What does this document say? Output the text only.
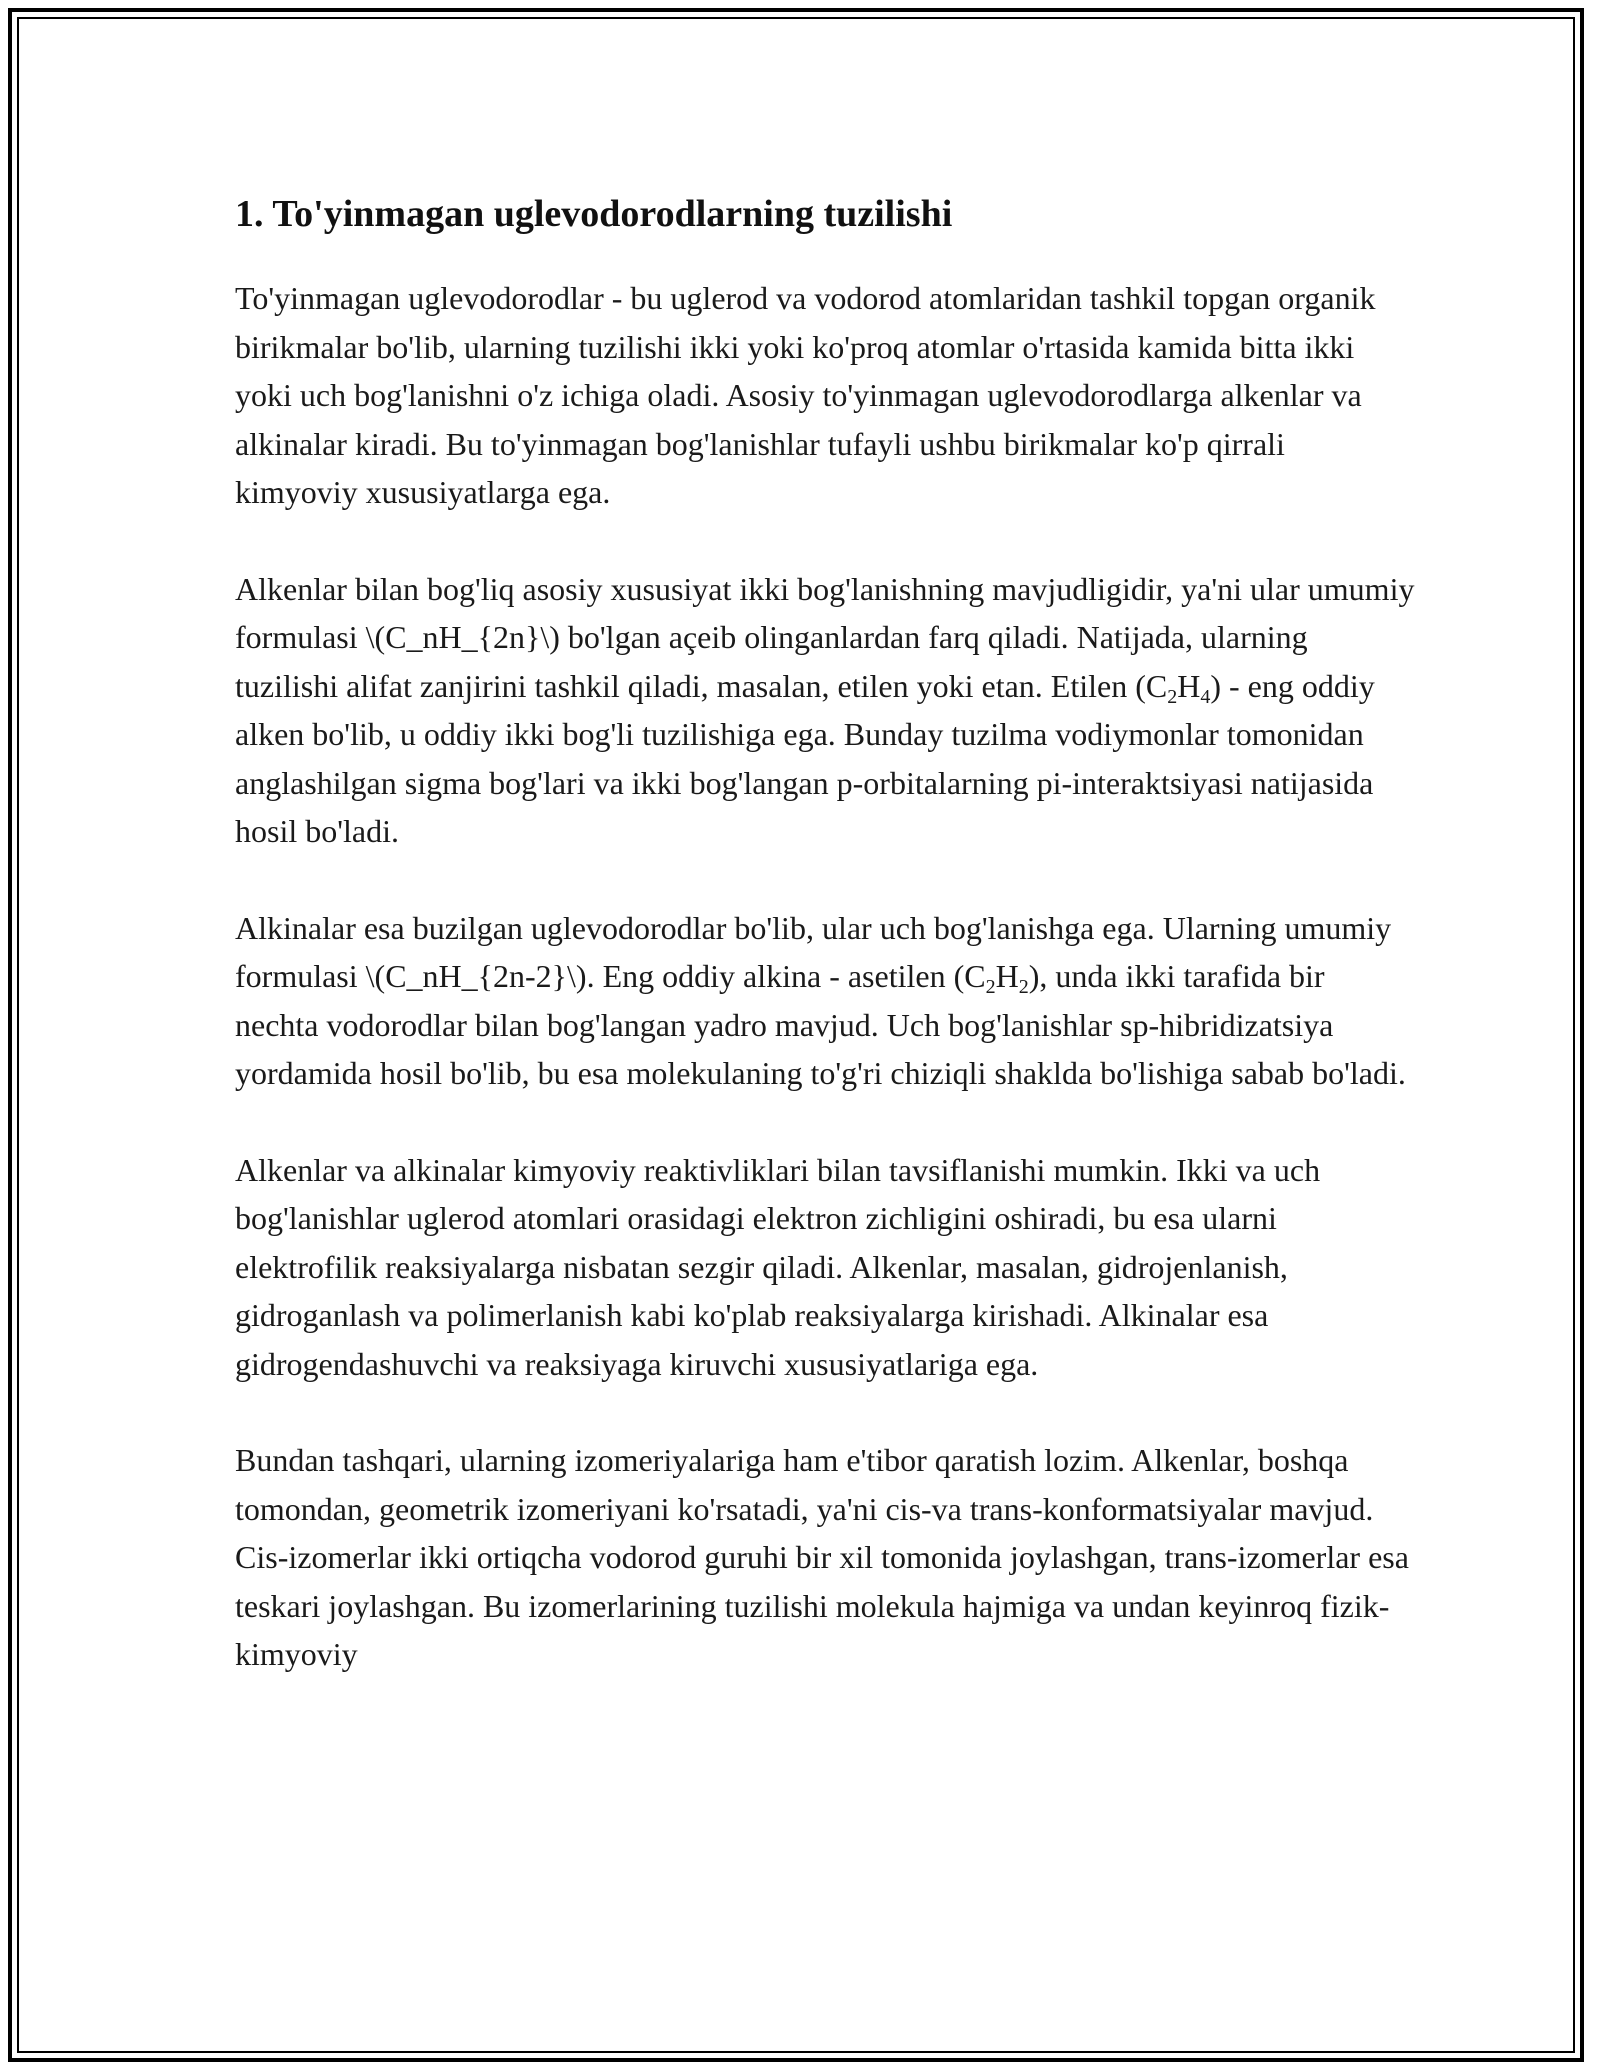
1. To'yinmagan uglevodorodlarning tuzilishi

To'yinmagan uglevodorodlar - bu uglerod va vodorod atomlaridan tashkil topgan organik birikmalar bo'lib, ularning tuzilishi ikki yoki ko'proq atomlar o'rtasida kamida bitta ikki yoki uch bog'lanishni o'z ichiga oladi. Asosiy to'yinmagan uglevodorodlarga alkenlar va alkinalar kiradi. Bu to'yinmagan bog'lanishlar tufayli ushbu birikmalar ko'p qirrali kimyoviy xususiyatlarga ega.

Alkenlar bilan bog'liq asosiy xususiyat ikki bog'lanishning mavjudligidir, ya'ni ular umumiy formulasi \(C_nH_{2n}\) bo'lgan açeib olinganlardan farq qiladi. Natijada, ularning tuzilishi alifat zanjirini tashkil qiladi, masalan, etilen yoki etan. Etilen $(C_2H_4)$ - eng oddiy alken bo'lib, u oddiy ikki bog'li tuzilishiga ega. Bunday tuzilma vodiymonlar tomonidan anglashilgan sigma bog'lari va ikki bog'langan p-orbitalarning pi-interaktsiyasi natijasida hosil bo'ladi.

Alkinalar esa buzilgan uglevodorodlar bo'lib, ular uch bog'lanishga ega. Ularning umumiy formulasi \(C_nH_{2n-2}\). Eng oddiy alkina - asetilen $(C_2H_2)$, unda ikki tarafida bir nechta vodorodlar bilan bog'langan yadro mavjud. Uch bog'lanishlar sp-hibridizatsiya yordamida hosil bo'lib, bu esa molekulaning to'g'ri chiziqli shaklda bo'lishiga sabab bo'ladi.

Alkenlar va alkinalar kimyoviy reaktivliklari bilan tavsiflanishi mumkin. Ikki va uch bog'lanishlar uglerod atomlari orasidagi elektron zichligini oshiradi, bu esa ularni elektrofilik reaksiyalarga nisbatan sezgir qiladi. Alkenlar, masalan, gidrojenlanish, gidroganlash va polimerlanish kabi ko'plab reaksiyalarga kirishadi. Alkinalar esa gidrogendashuvchi va reaksiyaga kiruvchi xususiyatlariga ega.

Bundan tashqari, ularning izomeriyalariga ham e'tibor qaratish lozim. Alkenlar, boshqa tomondan, geometrik izomeriyani ko'rsatadi, ya'ni cis-va trans-konformatsiyalar mavjud. Cis-izomerlar ikki ortiqcha vodorod guruhi bir xil tomonida joylashgan, trans-izomerlar esa teskari joylashgan. Bu izomerlarining tuzilishi molekula hajmiga va undan keyinroq fizik-kimyoviy
